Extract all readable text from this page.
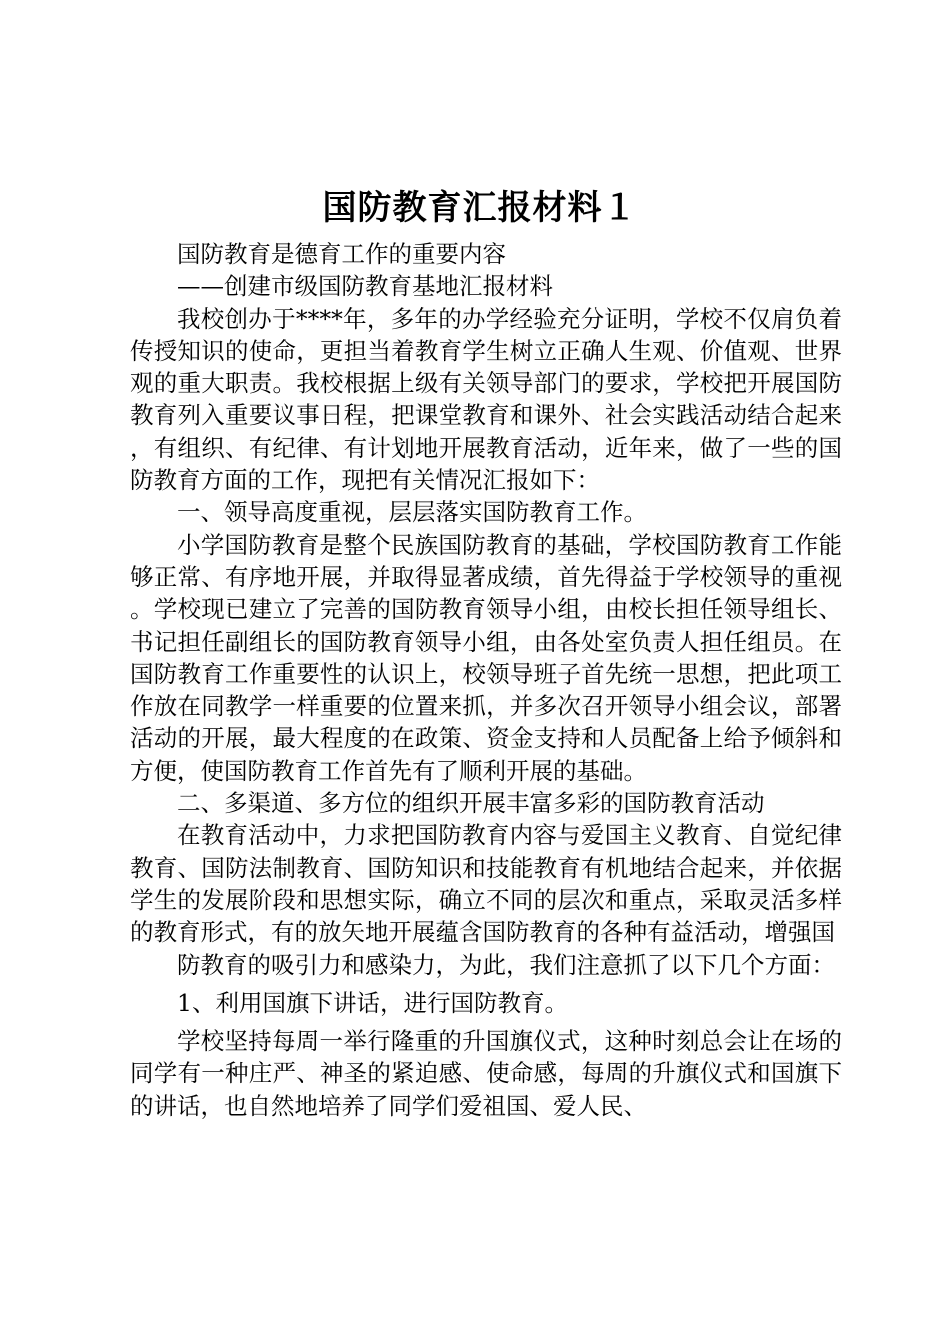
国防教育汇报材料１

国防教育是德育工作的重要内容

——创建市级国防教育基地汇报材料

我校创办于****年，多年的办学经验充分证明，学校不仅肩负着传授知识的使命，更担当着教育学生树立正确人生观、价值观、世界观的重大职责。我校根据上级有关领导部门的要求，学校把开展国防教育列入重要议事日程，把课堂教育和课外、社会实践活动结合起来，有组织、有纪律、有计划地开展教育活动，近年来，做了一些的国防教育方面的工作，现把有关情况汇报如下：

一、领导高度重视，层层落实国防教育工作。

小学国防教育是整个民族国防教育的基础，学校国防教育工作能够正常、有序地开展，并取得显著成绩，首先得益于学校领导的重视。学校现已建立了完善的国防教育领导小组，由校长担任领导组长、书记担任副组长的国防教育领导小组，由各处室负责人担任组员。在国防教育工作重要性的认识上，校领导班子首先统一思想，把此项工作放在同教学一样重要的位置来抓，并多次召开领导小组会议，部署活动的开展，最大程度的在政策、资金支持和人员配备上给予倾斜和方便，使国防教育工作首先有了顺利开展的基础。

二、多渠道、多方位的组织开展丰富多彩的国防教育活动

在教育活动中，力求把国防教育内容与爱国主义教育、自觉纪律教育、国防法制教育、国防知识和技能教育有机地结合起来，并依据学生的发展阶段和思想实际，确立不同的层次和重点，采取灵活多样的教育形式，有的放矢地开展蕴含国防教育的各种有益活动，增强国

防教育的吸引力和感染力，为此，我们注意抓了以下几个方面：

1、利用国旗下讲话，进行国防教育。

学校坚持每周一举行隆重的升国旗仪式，这种时刻总会让在场的同学有一种庄严、神圣的紧迫感、使命感，每周的升旗仪式和国旗下的讲话，也自然地培养了同学们爱祖国、爱人民、
